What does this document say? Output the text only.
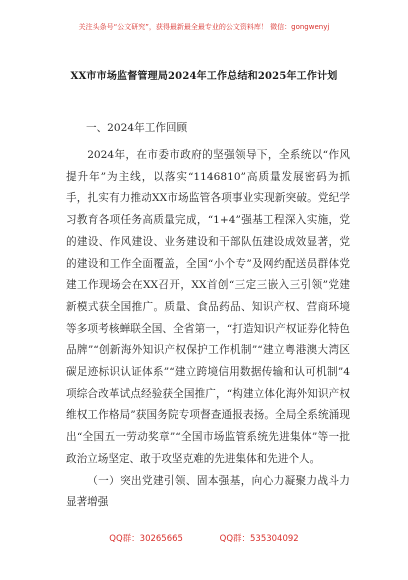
关注头条号“公文研究”，获得最新最全最专业的公文资料库！ 微信：gongwenyj
XX市市场监督管理局2024年工作总结和2025年工作计划

一、2024年工作回顾

2024年，在市委市政府的坚强领导下，全系统以“作风提升年”为主线，以落实“1146810”高质量发展密码为抓手，扎实有力推动XX市场监管各项事业实现新突破。党纪学习教育各项任务高质量完成，“1+4”强基工程深入实施，党的建设、作风建设、业务建设和干部队伍建设成效显著，党的建设和工作全面覆盖，全国“小个专”及网约配送员群体党建工作现场会在XX召开，XX首创“三定三嵌入三引领”党建新模式获全国推广。质量、食品药品、知识产权、营商环境等多项考核蝉联全国、全省第一，“打造知识产权证券化特色品牌”“创新海外知识产权保护工作机制”“建立粤港澳大湾区碳足迹标识认证体系”“建立跨境信用数据传输和认可机制”4项综合改革试点经验获全国推广，“构建立体化海外知识产权维权工作格局”获国务院专项督查通报表扬。全局全系统涌现出“全国五一劳动奖章”“全国市场监管系统先进集体”等一批政治立场坚定、敢于攻坚克难的先进集体和先进个人。

（一）突出党建引领、固本强基，向心力凝聚力战斗力显著增强

QQ群：30265665	QQ群：535304092
